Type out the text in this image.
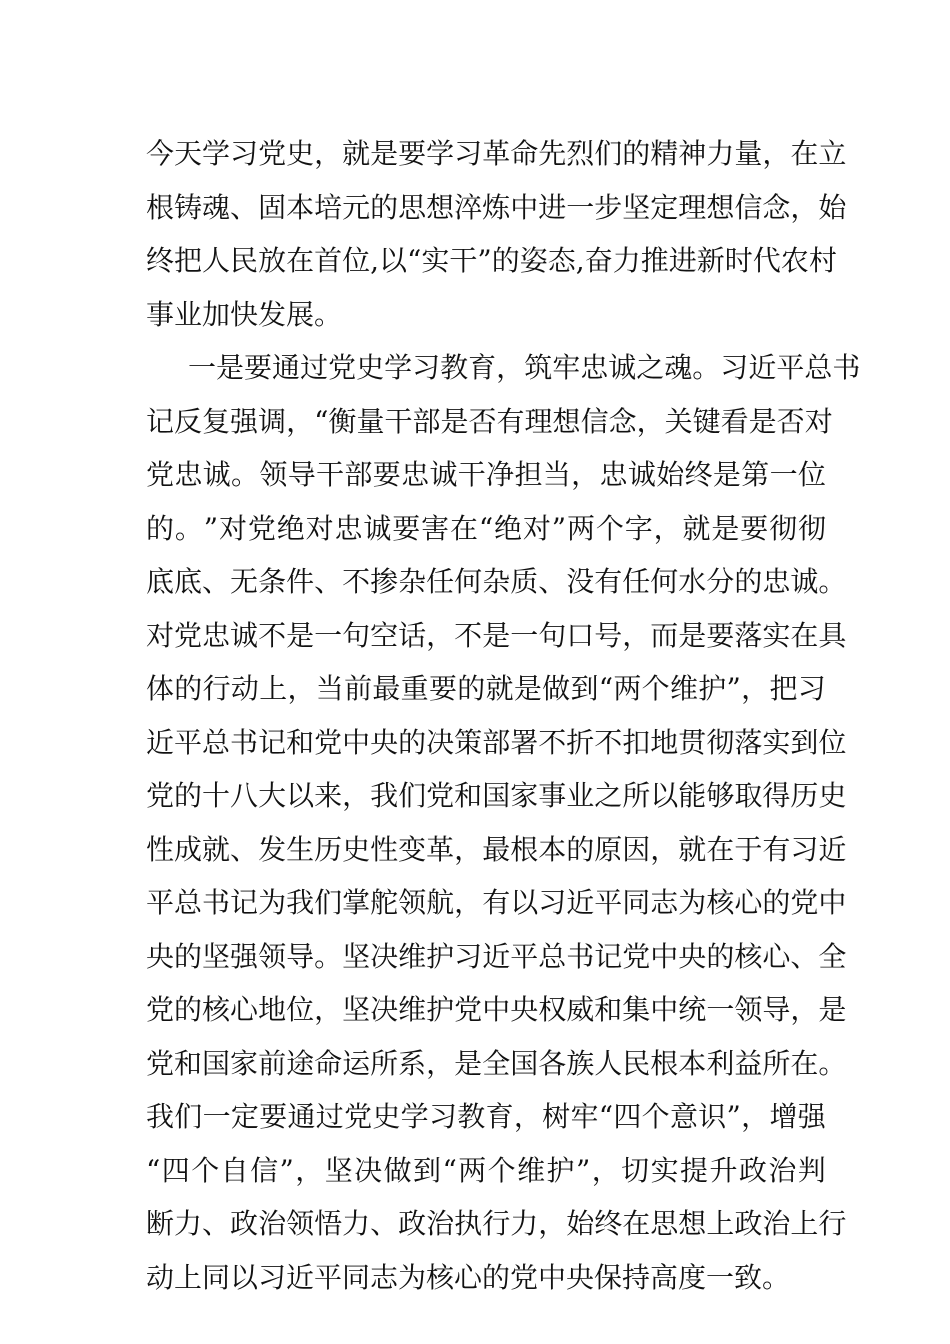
今 天 学 习 党 史 ， 就 是 要 学 习 革 命 先 烈 们 的 精 神 力 量 ， 在 立
根 铸 魂 、 固 本 培 元 的 思 想 淬 炼 中 进 一 步 坚 定 理 想 信 念 ， 始
终 把 人 民 放 在 首 位 , 以 “ 实 干 ” 的 姿 态 , 奋 力 推 进 新 时 代 农 村
事业加快发展。
一 是 要 通 过 党 史 学 习 教 育 ， 筑 牢 忠 诚 之 魂 。 习 近 平 总 书
记 反 复 强 调 ， “ 衡 量 干 部 是 否 有 理 想 信 念 ， 关 键 看 是 否 对
党 忠 诚 。 领 导 干 部 要 忠 诚 干 净 担 当 ， 忠 诚 始 终 是 第 一 位
的 。 ” 对 党 绝 对 忠 诚 要 害 在 “ 绝 对 ” 两 个 字 ， 就 是 要 彻 彻
底 底 、 无 条 件 、 不 掺 杂 任 何 杂 质 、 没 有 任 何 水 分 的 忠 诚 。
对 党 忠 诚 不 是 一 句 空 话 ， 不 是 一 句 口 号 ， 而 是 要 落 实 在 具
体 的 行 动 上 ， 当 前 最 重 要 的 就 是 做 到 “ 两 个 维 护 ” ， 把 习
近 平 总 书 记 和 党 中 央 的 决 策 部 署 不 折 不 扣 地 贯 彻 落 实 到 位
党 的 十 八 大 以 来 ， 我 们 党 和 国 家 事 业 之 所 以 能 够 取 得 历 史
性 成 就 、 发 生 历 史 性 变 革 ， 最 根 本 的 原 因 ， 就 在 于 有 习 近
平 总 书 记 为 我 们 掌 舵 领 航 ， 有 以 习 近 平 同 志 为 核 心 的 党 中
央 的 坚 强 领 导 。 坚 决 维 护 习 近 平 总 书 记 党 中 央 的 核 心 、 全
党 的 核 心 地 位 ， 坚 决 维 护 党 中 央 权 威 和 集 中 统 一 领 导 ， 是
党 和 国 家 前 途 命 运 所 系 ， 是 全 国 各 族 人 民 根 本 利 益 所 在 。
我 们 一 定 要 通 过 党 史 学 习 教 育 ， 树 牢 “ 四 个 意 识 ” ， 增 强
“ 四 个 自 信 ” ， 坚 决 做 到 “ 两 个 维 护 ” ， 切 实 提 升 政 治 判
断 力 、 政 治 领 悟 力 、 政 治 执 行 力 ， 始 终 在 思 想 上 政 治 上 行
动上同以习近平同志为核心的党中央保持高度一致。
